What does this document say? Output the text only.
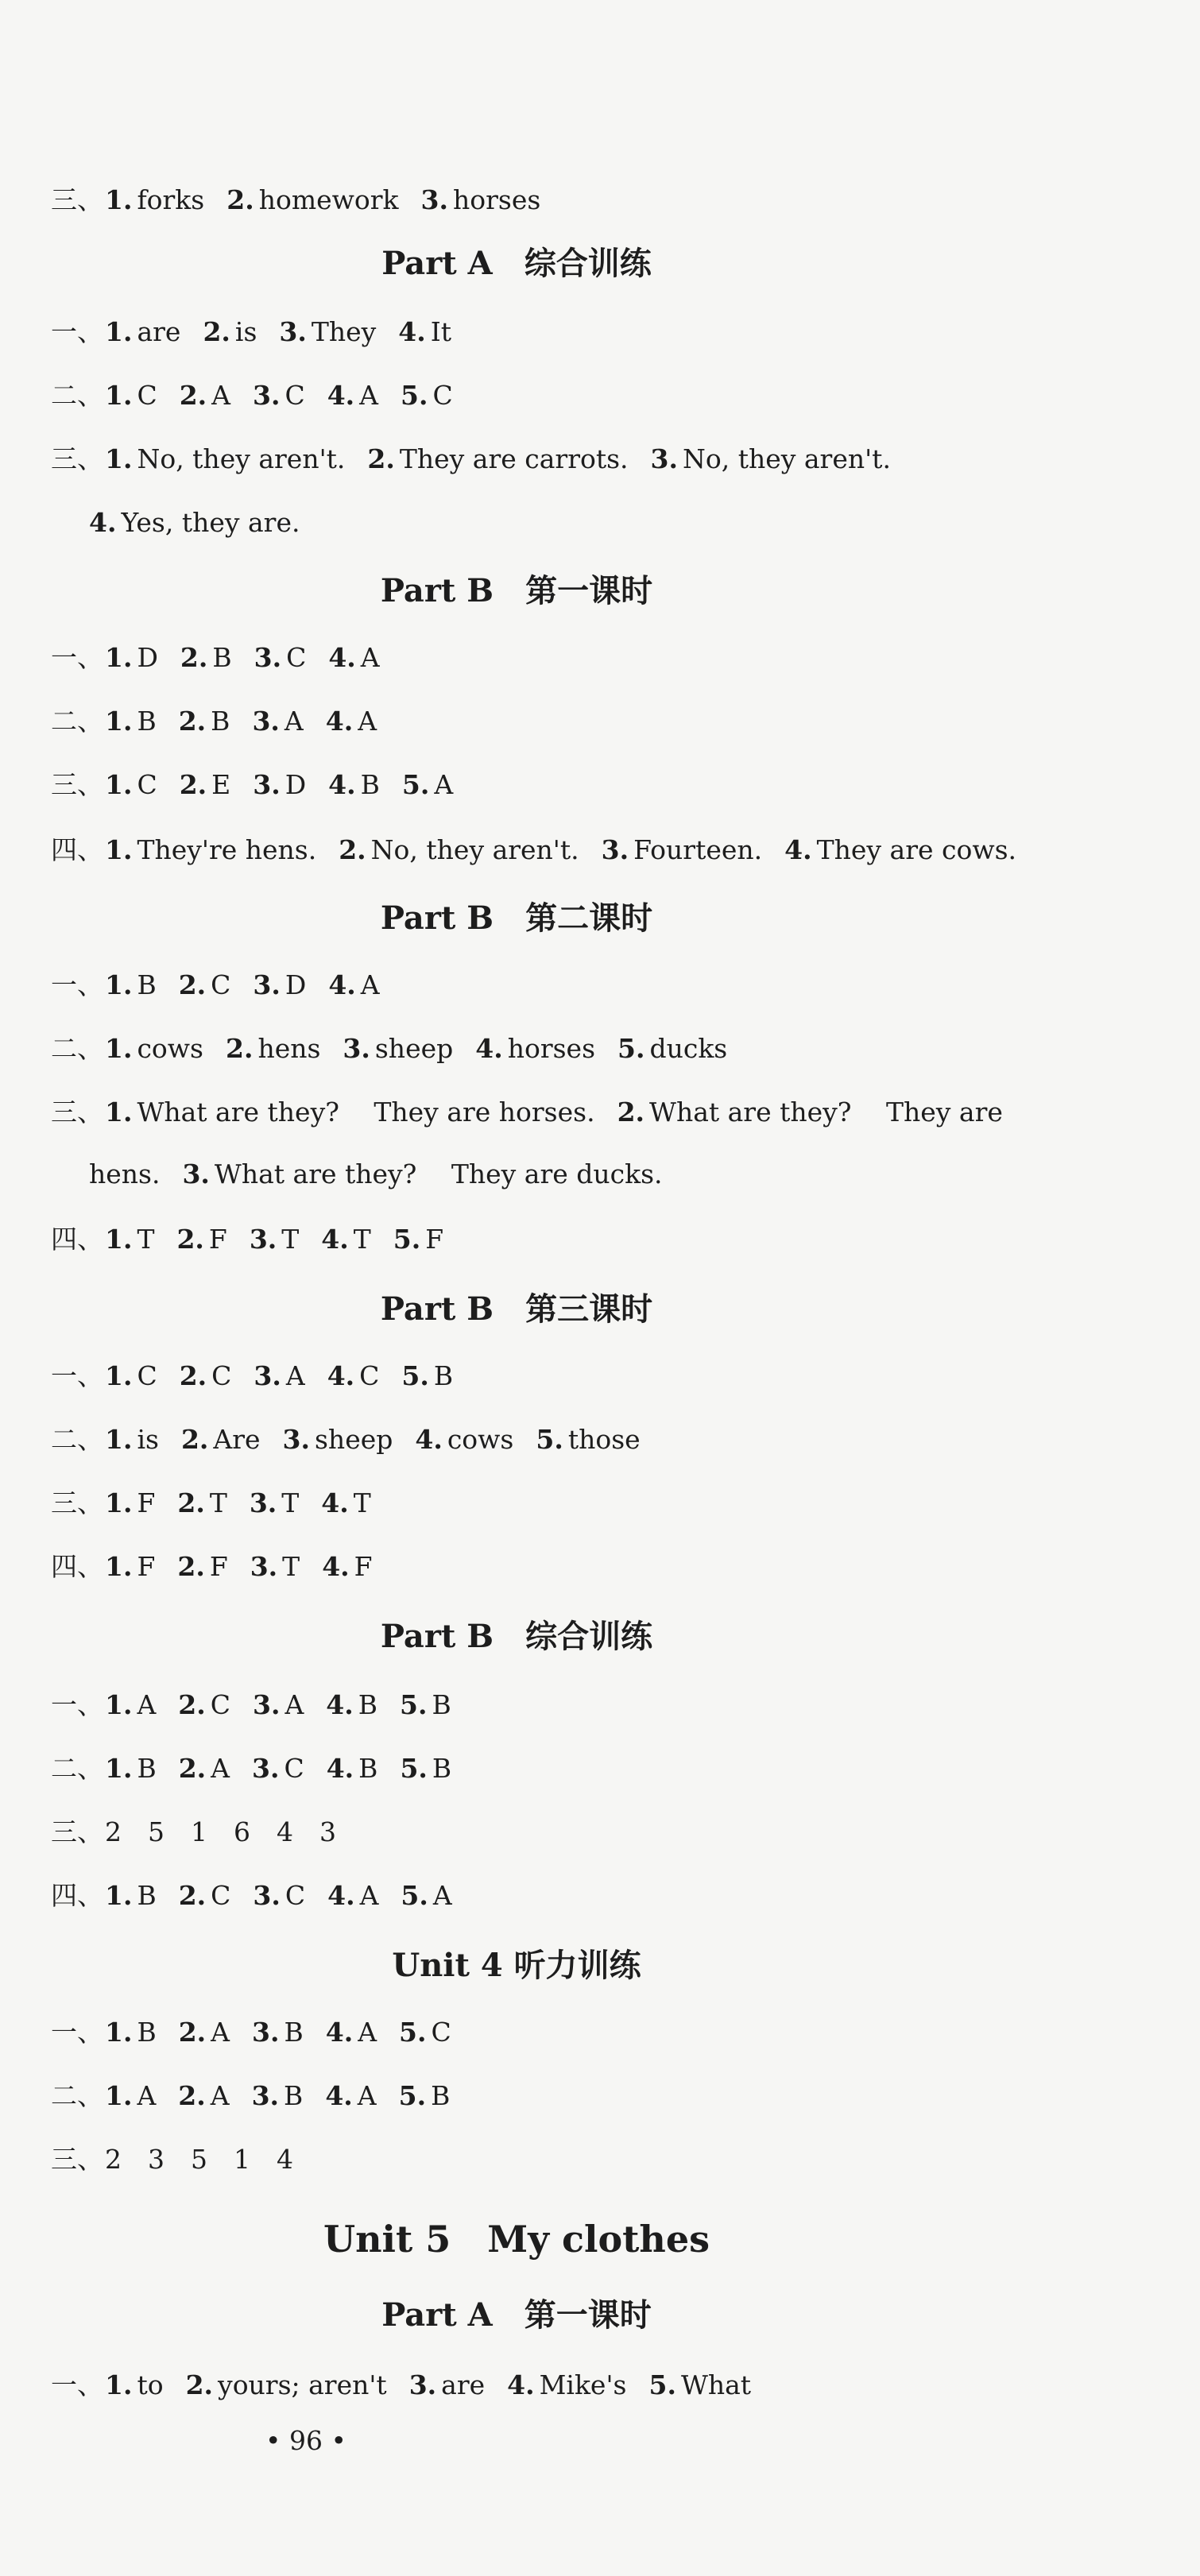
三、1. forks 2. homework 3. horses
Part A　综合训练
一、1. are 2. is 3. They 4. It
二、1. C 2. A 3. C 4. A 5. C
三、1. No, they aren't. 2. They are carrots. 3. No, they aren't.
4. Yes, they are.
Part B　第一课时
一、1. D 2. B 3. C 4. A
二、1. B 2. B 3. A 4. A
三、1. C 2. E 3. D 4. B 5. A
四、1. They're hens. 2. No, they aren't. 3. Fourteen. 4. They are cows.
Part B　第二课时
一、1. B 2. C 3. D 4. A
二、1. cows 2. hens 3. sheep 4. horses 5. ducks
三、1. What are they?　 They are horses. 2. What are they?　 They are
hens. 3. What are they?　 They are ducks.
四、1. T 2. F 3. T 4. T 5. F
Part B　第三课时
一、1. C 2. C 3. A 4. C 5. B
二、1. is 2. Are 3. sheep 4. cows 5. those
三、1. F 2. T 3. T 4. T
四、1. F 2. F 3. T 4. F
Part B　综合训练
一、1. A 2. C 3. A 4. B 5. B
二、1. B 2. A 3. C 4. B 5. B
三、2　5　1　6　4　3
四、1. B 2. C 3. C 4. A 5. A
Unit 4 听力训练
一、1. B 2. A 3. B 4. A 5. C
二、1. A 2. A 3. B 4. A 5. B
三、2　3　5　1　4
Unit 5　My clothes
Part A　第一课时
一、1. to 2. yours; aren't 3. are 4. Mike's 5. What
• 96 •
